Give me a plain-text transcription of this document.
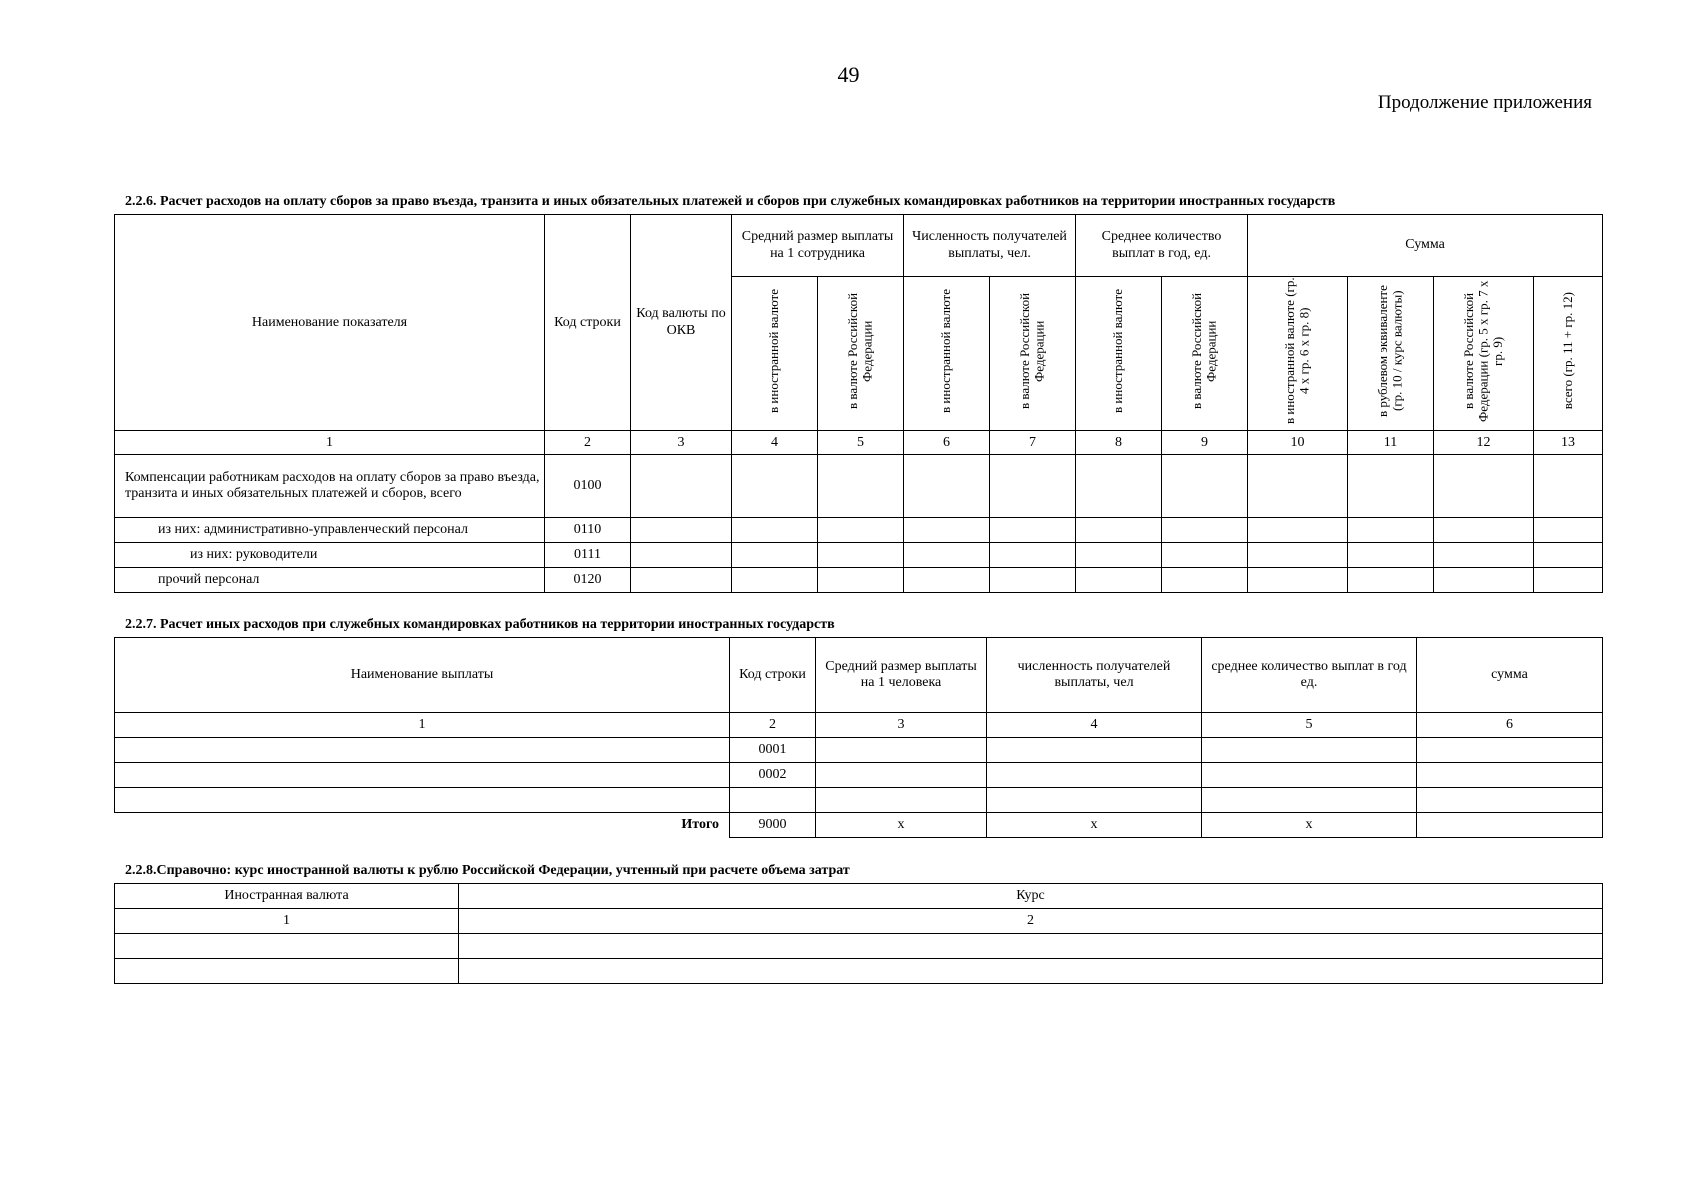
49
Продолжение приложения
2.2.6. Расчет расходов на оплату сборов за право въезда, транзита и иных обязательных платежей и сборов при служебных командировках работников на территории иностранных государств
Наименование показателя	Код строки	Код валюты по ОКВ	Средний размер выплаты на 1 сотрудника		Численность получателей выплаты, чел.		Среднее количество выплат в год, ед.		Сумма			
			в иностранной валюте	в валюте Российской Федерации	в иностранной валюте	в валюте Российской Федерации	в иностранной валюте	в валюте Российской Федерации	в иностранной валюте (гр. 4 х гр. 6 х гр. 8)	в рублевом эквиваленте (гр. 10 / курс валюты)	в валюте Российской Федерации (гр. 5 х гр. 7 х гр. 9)	всего (гр. 11 + гр. 12)
1	2	3	4	5	6	7	8	9	10	11	12	13
Компенсации работникам расходов на оплату сборов за право въезда, транзита и иных обязательных платежей и сборов, всего	0100											
из них: административно-управленческий персонал	0110											
из них: руководители	0111											
прочий персонал	0120											
2.2.7. Расчет иных расходов при служебных командировках работников на территории иностранных государств
Наименование выплаты	Код строки	Средний размер выплаты на 1 человека	численность получателей выплаты, чел	среднее количество выплат в год ед.	сумма
1	2	3	4	5	6
	0001				
	0002				

Итого	9000	х	х	х	
2.2.8.Справочно: курс иностранной валюты к рублю Российской Федерации, учтенный при расчете объема затрат
Иностранная валюта	Курс
1	2
